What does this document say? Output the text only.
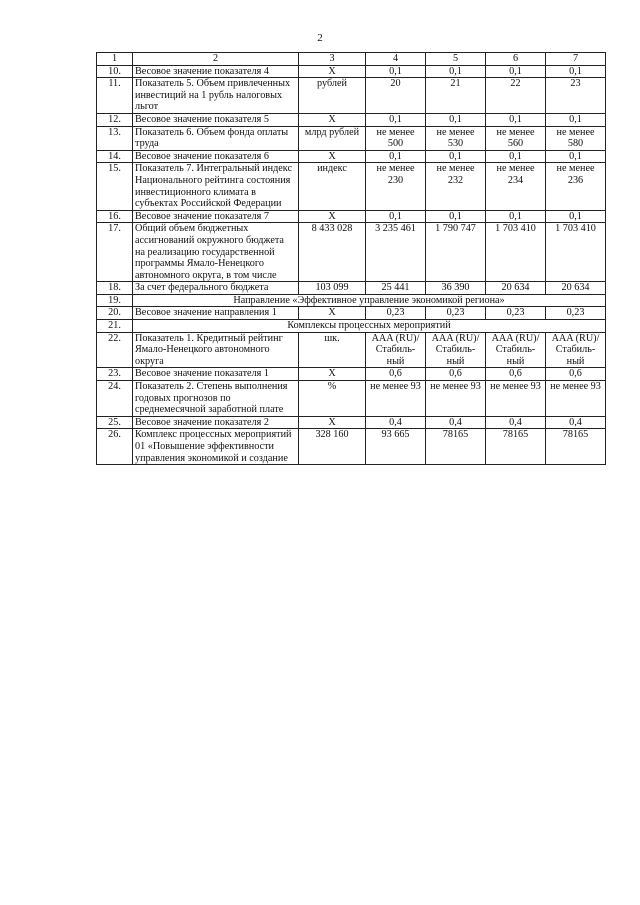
2
1	2	3	4	5	6	7
10.	Весовое значение показателя 4	X	0,1	0,1	0,1	0,1
11.	Показатель 5. Объем привлеченных инвестиций на 1 рубль налоговых льгот	рублей	20	21	22	23
12.	Весовое значение показателя 5	X	0,1	0,1	0,1	0,1
13.	Показатель 6. Объем фонда оплаты труда	млрд рублей	не менее 500	не менее 530	не менее 560	не менее 580
14.	Весовое значение показателя 6	X	0,1	0,1	0,1	0,1
15.	Показатель 7. Интегральный индекс Национального рейтинга состояния инвестиционного климата в субъектах Российской Федерации	индекс	не менее 230	не менее 232	не менее 234	не менее 236
16.	Весовое значение показателя 7	X	0,1	0,1	0,1	0,1
17.	Общий объем бюджетных ассигнований окружного бюджета на реализацию государственной программы Ямало-Ненецкого автономного округа, в том числе	8 433 028	3 235 461	1 790 747	1 703 410	1 703 410
18.	За счет федерального бюджета	103 099	25 441	36 390	20 634	20 634
19.	Направление «Эффективное управление экономикой региона»					
20.	Весовое значение направления 1	X	0,23	0,23	0,23	0,23
21.	Комплексы процессных мероприятий					
22.	Показатель 1. Кредитный рейтинг Ямало-Ненецкого автономного округа	шк.	AAA (RU)/ Стабиль-ный	AAA (RU)/ Стабиль-ный	AAA (RU)/ Стабиль-ный	AAA (RU)/ Стабиль-ный
23.	Весовое значение показателя 1	X	0,6	0,6	0,6	0,6
24.	Показатель 2. Степень выполнения годовых прогнозов по среднемесячной заработной плате	%	не менее 93	не менее 93	не менее 93	не менее 93
25.	Весовое значение показателя 2	X	0,4	0,4	0,4	0,4
26.	Комплекс процессных мероприятий 01 «Повышение эффективности управления экономикой и создание	328 160	93 665	78165	78165	78165
